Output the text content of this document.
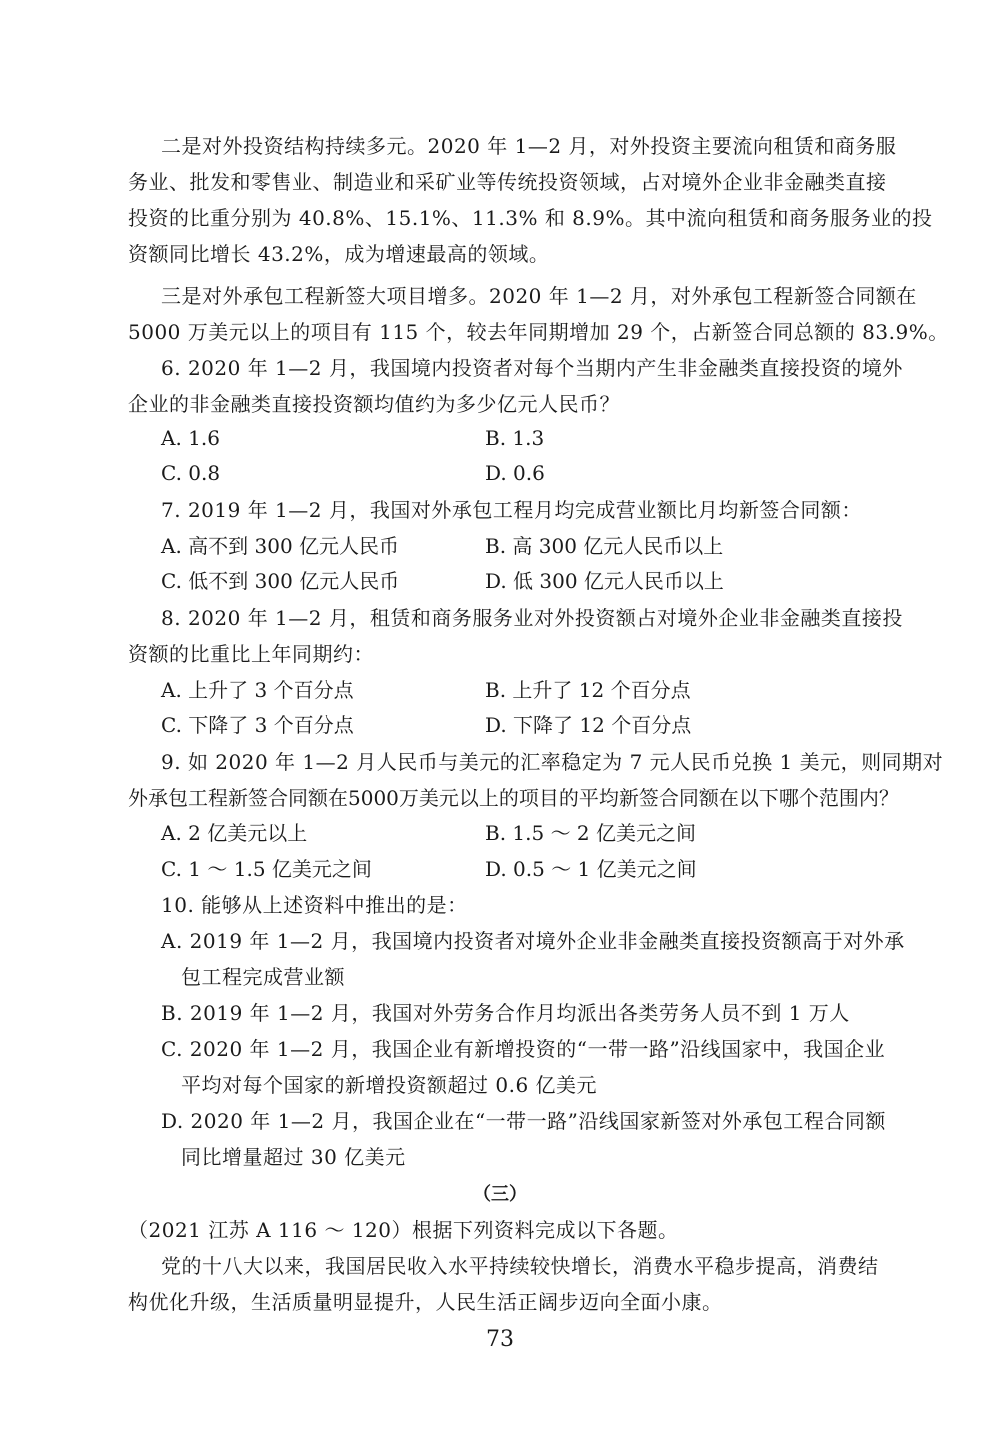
二是对外投资结构持续多元。2020 年 1—2 月，对外投资主要流向租赁和商务服
务业、批发和零售业、制造业和采矿业等传统投资领域，占对境外企业非金融类直接
投资的比重分别为 40.8%、15.1%、11.3% 和 8.9%。其中流向租赁和商务服务业的投
资额同比增长 43.2%，成为增速最高的领域。
三是对外承包工程新签大项目增多。2020 年 1—2 月，对外承包工程新签合同额在
5000 万美元以上的项目有 115 个，较去年同期增加 29 个，占新签合同总额的 83.9%。
6. 2020 年 1—2 月，我国境内投资者对每个当期内产生非金融类直接投资的境外
企业的非金融类直接投资额均值约为多少亿元人民币？
A. 1.6	B. 1.3
C. 0.8	D. 0.6
7. 2019 年 1—2 月，我国对外承包工程月均完成营业额比月均新签合同额：
A. 高不到 300 亿元人民币	B. 高 300 亿元人民币以上
C. 低不到 300 亿元人民币	D. 低 300 亿元人民币以上
8. 2020 年 1—2 月，租赁和商务服务业对外投资额占对境外企业非金融类直接投
资额的比重比上年同期约：
A. 上升了 3 个百分点	B. 上升了 12 个百分点
C. 下降了 3 个百分点	D. 下降了 12 个百分点
9. 如 2020 年 1—2 月人民币与美元的汇率稳定为 7 元人民币兑换 1 美元，则同期对
外承包工程新签合同额在5000万美元以上的项目的平均新签合同额在以下哪个范围内？
A. 2 亿美元以上	B. 1.5 ～ 2 亿美元之间
C. 1 ～ 1.5 亿美元之间	D. 0.5 ～ 1 亿美元之间
10. 能够从上述资料中推出的是：
A. 2019 年 1—2 月，我国境内投资者对境外企业非金融类直接投资额高于对外承
包工程完成营业额
B. 2019 年 1—2 月，我国对外劳务合作月均派出各类劳务人员不到 1 万人
C. 2020 年 1—2 月，我国企业有新增投资的“一带一路”沿线国家中，我国企业
平均对每个国家的新增投资额超过 0.6 亿美元
D. 2020 年 1—2 月，我国企业在“一带一路”沿线国家新签对外承包工程合同额
同比增量超过 30 亿美元
（三）
（2021 江苏 A 116 ～ 120）根据下列资料完成以下各题。
党的十八大以来，我国居民收入水平持续较快增长，消费水平稳步提高，消费结
构优化升级，生活质量明显提升，人民生活正阔步迈向全面小康。
73
